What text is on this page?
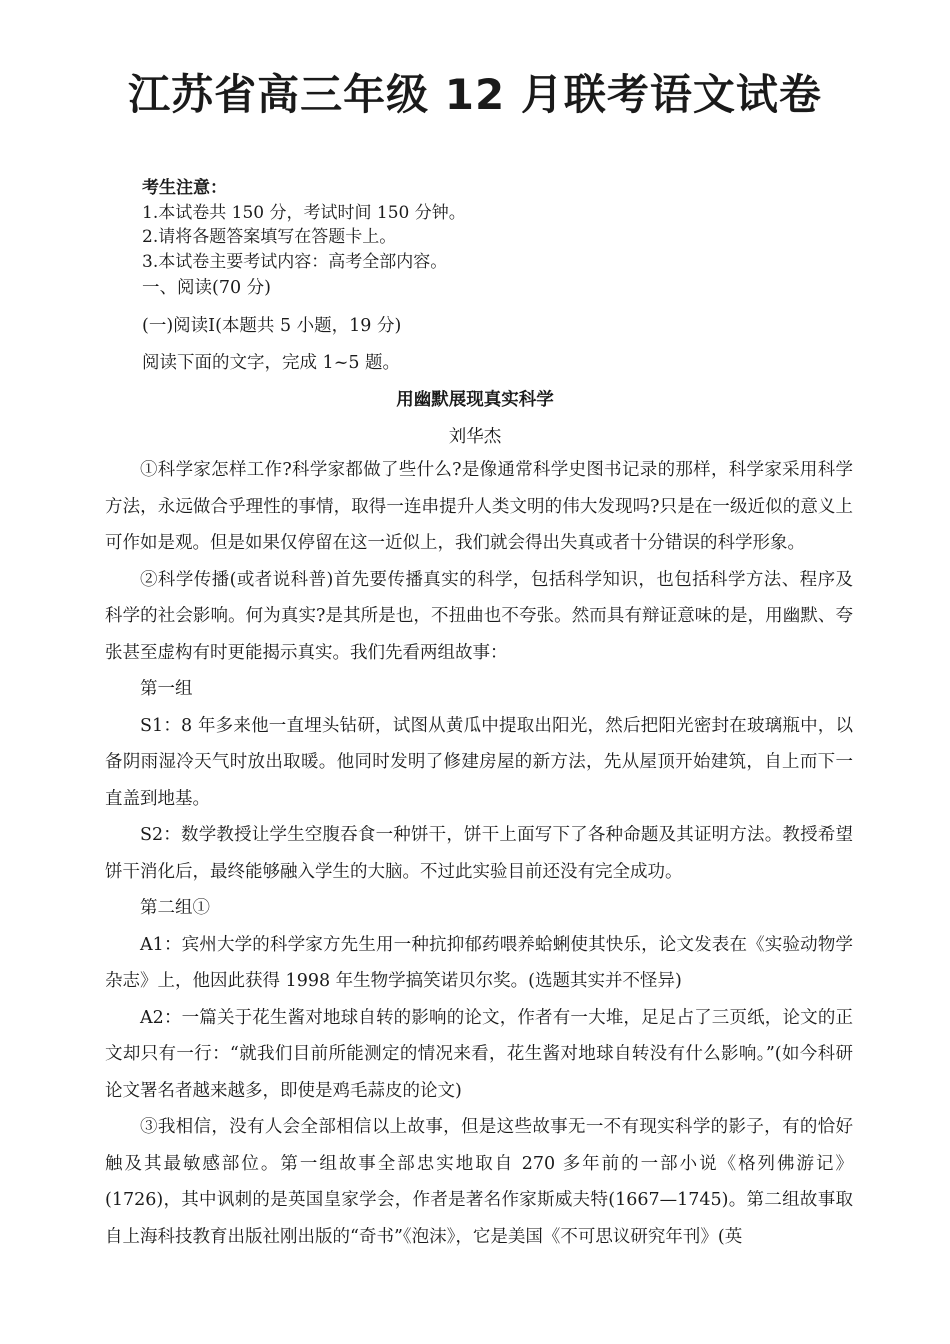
江苏省高三年级 12 月联考语文试卷
考生注意：
1.本试卷共 150 分，考试时间 150 分钟。
2.请将各题答案填写在答题卡上。
3.本试卷主要考试内容：高考全部内容。
一、阅读(70 分)
(一)阅读Ⅰ(本题共 5 小题，19 分)
阅读下面的文字，完成 1~5 题。
用幽默展现真实科学
刘华杰

①科学家怎样工作?科学家都做了些什么?是像通常科学史图书记录的那样，科学家采用科学方法，永远做合乎理性的事情，取得一连串提升人类文明的伟大发现吗?只是在一级近似的意义上可作如是观。但是如果仅停留在这一近似上，我们就会得出失真或者十分错误的科学形象。

②科学传播(或者说科普)首先要传播真实的科学，包括科学知识，也包括科学方法、程序及科学的社会影响。何为真实?是其所是也，不扭曲也不夸张。然而具有辩证意味的是，用幽默、夸张甚至虚构有时更能揭示真实。我们先看两组故事：

第一组

S1：8 年多来他一直埋头钻研，试图从黄瓜中提取出阳光，然后把阳光密封在玻璃瓶中，以备阴雨湿冷天气时放出取暖。他同时发明了修建房屋的新方法，先从屋顶开始建筑，自上而下一直盖到地基。

S2：数学教授让学生空腹吞食一种饼干，饼干上面写下了各种命题及其证明方法。教授希望饼干消化后，最终能够融入学生的大脑。不过此实验目前还没有完全成功。

第二组①

A1：宾州大学的科学家方先生用一种抗抑郁药喂养蛤蜊使其快乐，论文发表在《实验动物学杂志》上，他因此获得 1998 年生物学搞笑诺贝尔奖。(选题其实并不怪异)

A2：一篇关于花生酱对地球自转的影响的论文，作者有一大堆，足足占了三页纸，论文的正文却只有一行：“就我们目前所能测定的情况来看，花生酱对地球自转没有什么影响。”(如今科研论文署名者越来越多，即使是鸡毛蒜皮的论文)

③我相信，没有人会全部相信以上故事，但是这些故事无一不有现实科学的影子，有的恰好触及其最敏感部位。第一组故事全部忠实地取自 270 多年前的一部小说《格列佛游记》(1726)，其中讽刺的是英国皇家学会，作者是著名作家斯威夫特(1667—1745)。第二组故事取自上海科技教育出版社刚出版的“奇书”《泡沫》，它是美国《不可思议研究年刊》(英
